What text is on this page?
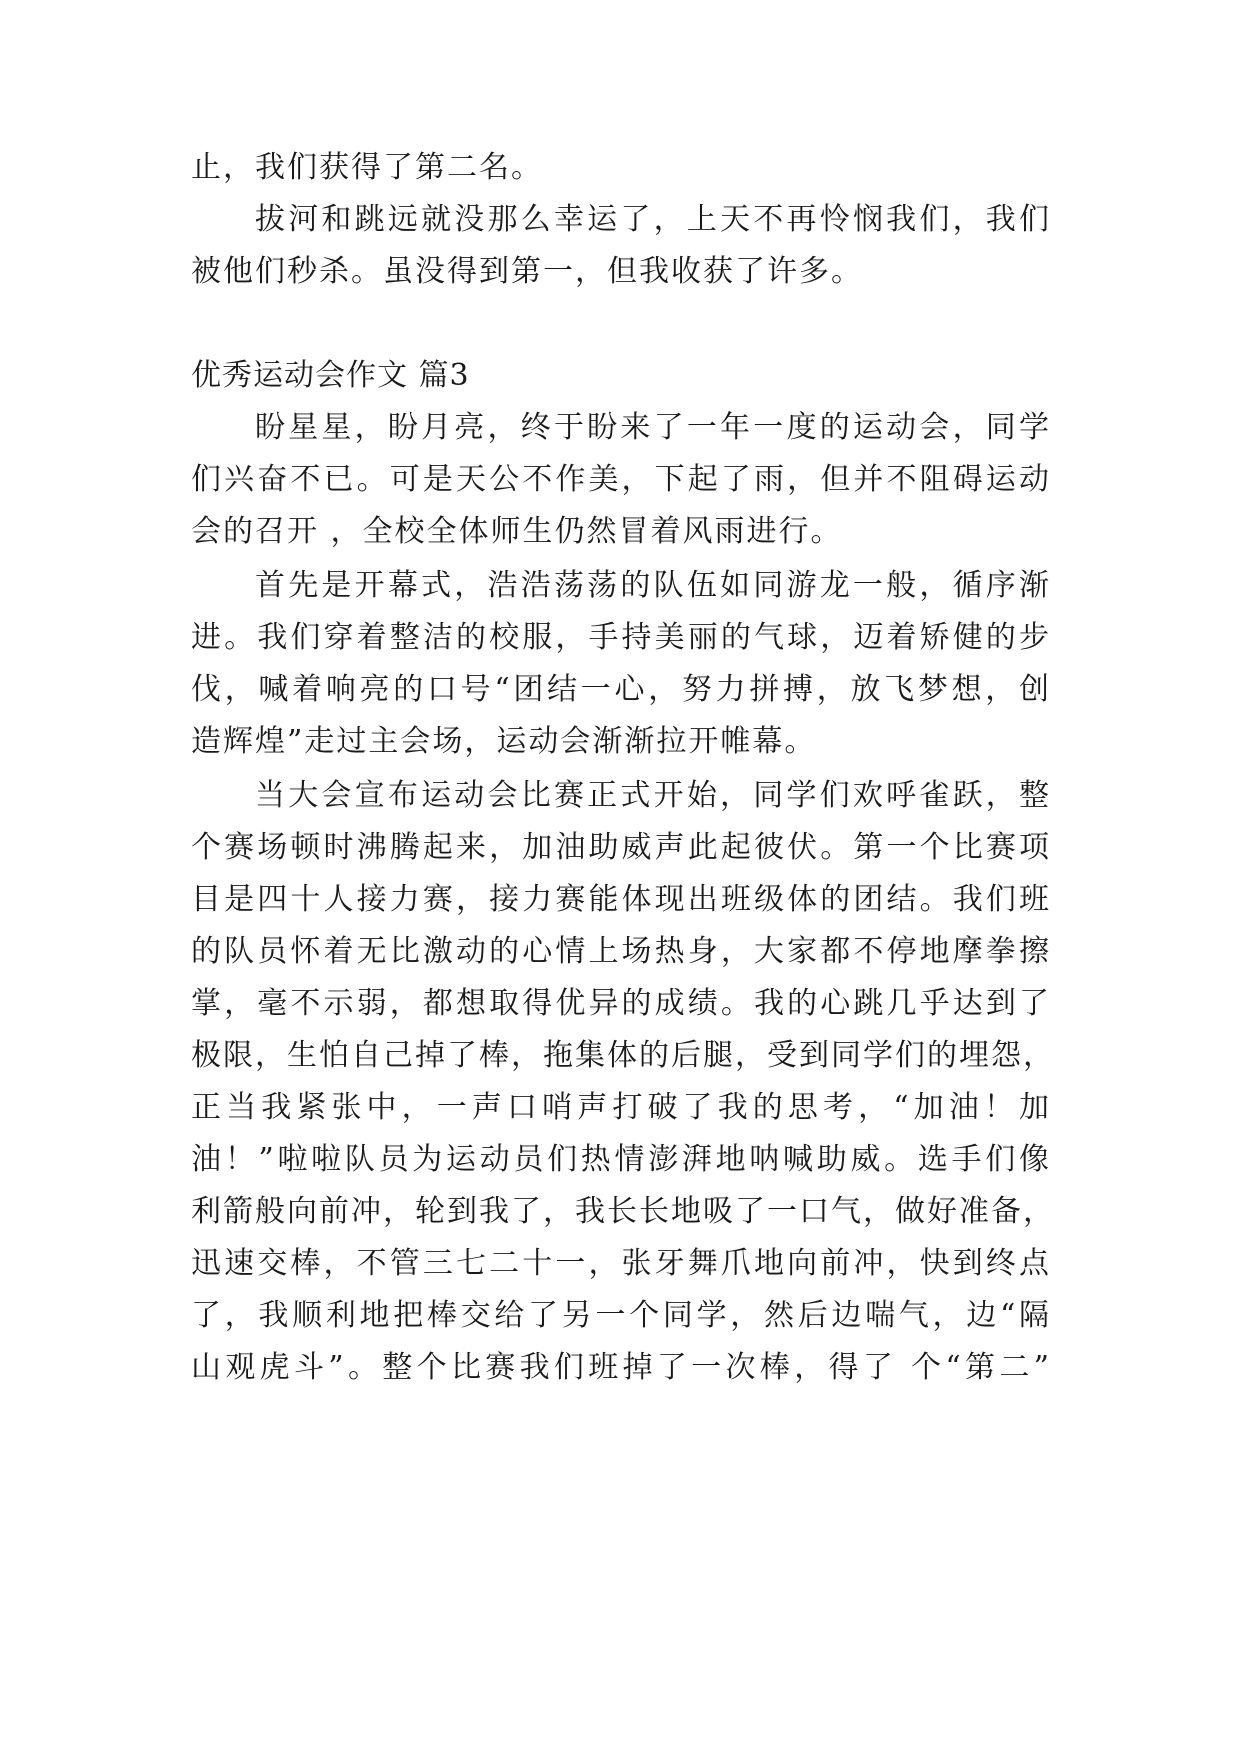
止，我们获得了第二名。
拔河和跳远就没那么幸运了，上天不再怜悯我们，我们
被他们秒杀。虽没得到第一，但我收获了许多。
优秀运动会作文 篇3
盼星星，盼月亮，终于盼来了一年一度的运动会，同学
们兴奋不已。可是天公不作美，下起了雨，但并不阻碍运动
会的召开 ，全校全体师生仍然冒着风雨进行。
首先是开幕式，浩浩荡荡的队伍如同游龙一般，循序渐
进。我们穿着整洁的校服，手持美丽的气球，迈着矫健的步
伐，喊着响亮的口号“团结一心，努力拼搏，放飞梦想，创
造辉煌”走过主会场，运动会渐渐拉开帷幕。
当大会宣布运动会比赛正式开始，同学们欢呼雀跃，整
个赛场顿时沸腾起来，加油助威声此起彼伏。第一个比赛项
目是四十人接力赛，接力赛能体现出班级体的团结。我们班
的队员怀着无比激动的心情上场热身，大家都不停地摩拳擦
掌，毫不示弱，都想取得优异的成绩。我的心跳几乎达到了
极限，生怕自己掉了棒，拖集体的后腿，受到同学们的埋怨，
正当我紧张中，一声口哨声打破了我的思考，“加油！加
油！”啦啦队员为运动员们热情澎湃地呐喊助威。选手们像
利箭般向前冲，轮到我了，我长长地吸了一口气，做好准备，
迅速交棒，不管三七二十一，张牙舞爪地向前冲，快到终点
了，我顺利地把棒交给了另一个同学，然后边喘气，边“隔
山观虎斗”。整个比赛我们班掉了一次棒，得了 个“第二”
